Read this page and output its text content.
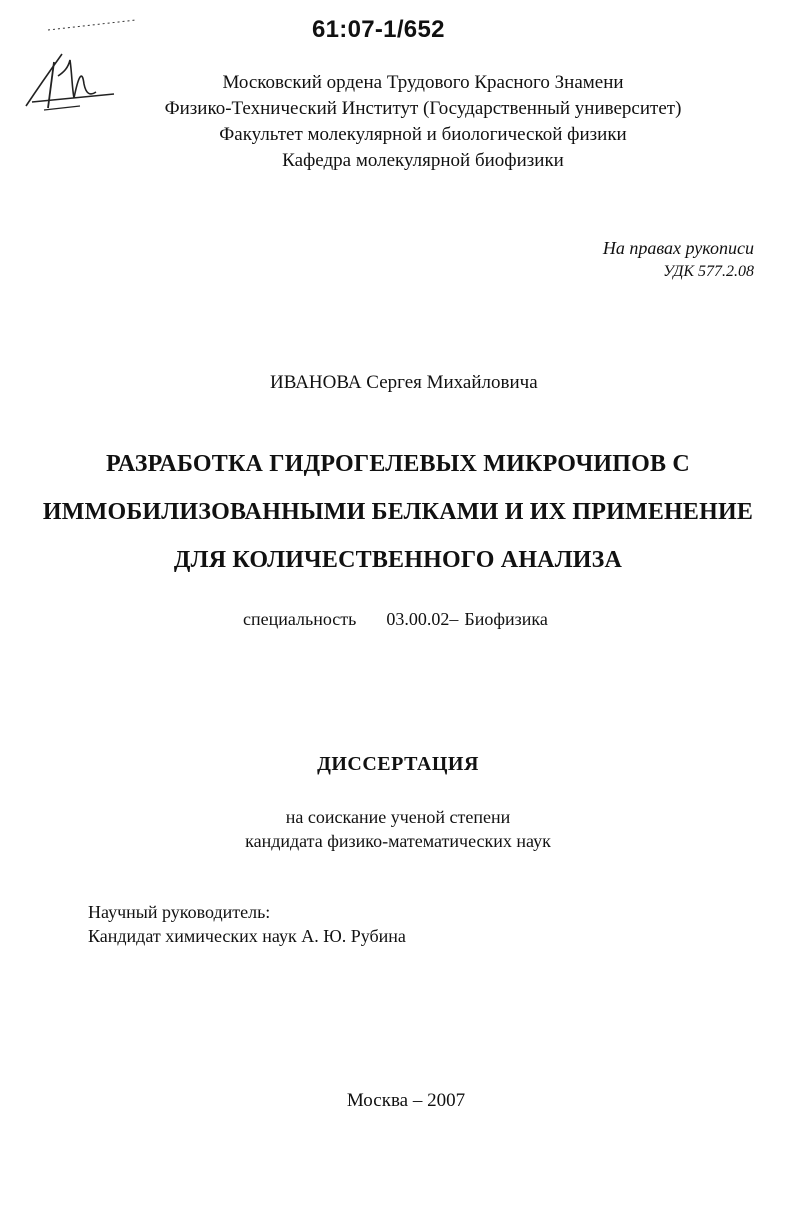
61:07-1/652
Московский ордена Трудового Красного Знамени
Физико-Технический Институт (Государственный университет)
Факультет молекулярной и биологической физики
Кафедра молекулярной биофизики
На правах рукописи
УДК 577.2.08
ИВАНОВА Сергея Михайловича
РАЗРАБОТКА ГИДРОГЕЛЕВЫХ МИКРОЧИПОВ С
ИММОБИЛИЗОВАННЫМИ БЕЛКАМИ И ИХ ПРИМЕНЕНИЕ
ДЛЯ КОЛИЧЕСТВЕННОГО АНАЛИЗА
специальность 03.00.02– Биофизика
ДИССЕРТАЦИЯ
на соискание ученой степени
кандидата физико-математических наук
Научный руководитель:
Кандидат химических наук А. Ю. Рубина
Москва – 2007
